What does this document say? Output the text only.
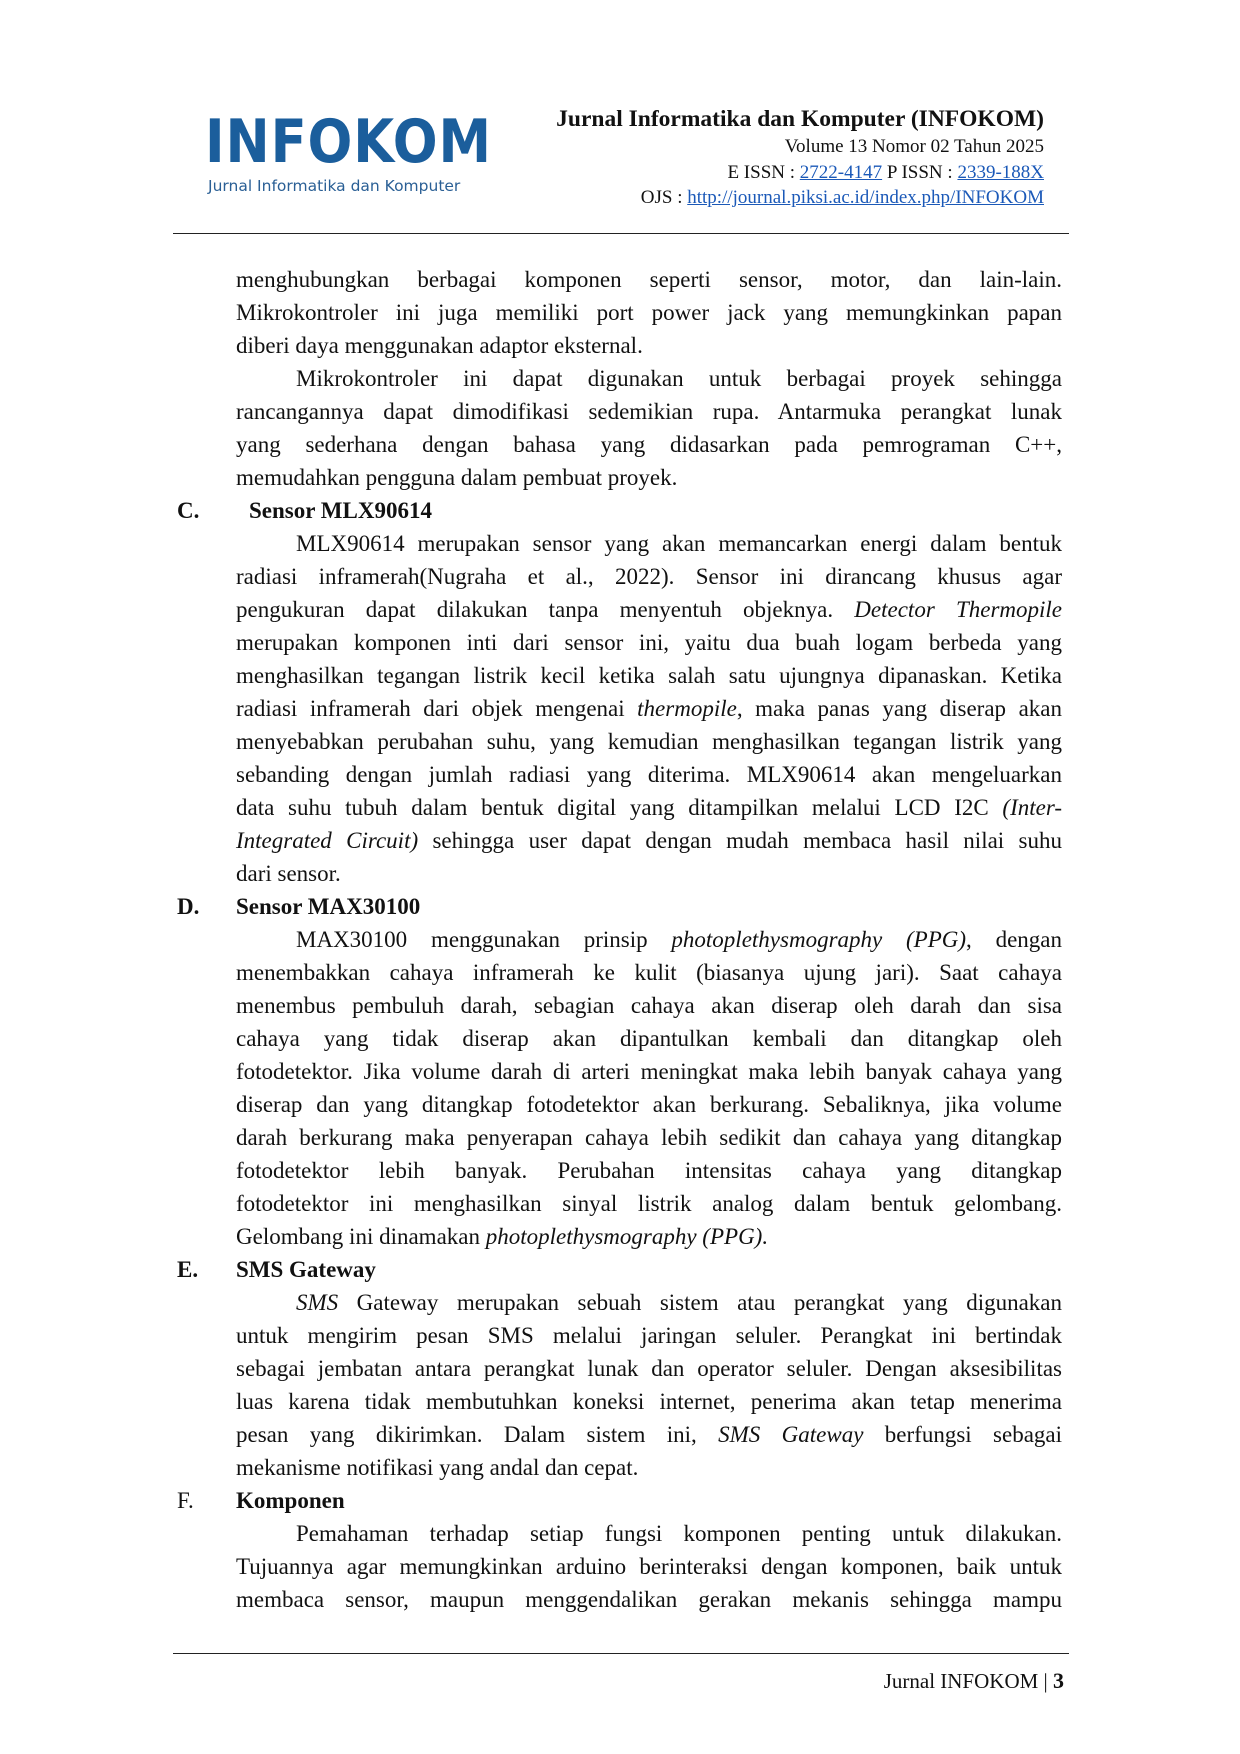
INFOKOM
Jurnal Informatika dan Komputer
Jurnal Informatika dan Komputer (INFOKOM)
Volume 13 Nomor 02 Tahun 2025
E ISSN : 2722-4147 P ISSN : 2339-188X
OJS : http://journal.piksi.ac.id/index.php/INFOKOM
menghubungkan berbagai komponen seperti sensor, motor, dan lain-lain.
Mikrokontroler ini juga memiliki port power jack yang memungkinkan papan
diberi daya menggunakan adaptor eksternal.
Mikrokontroler ini dapat digunakan untuk berbagai proyek sehingga
rancangannya dapat dimodifikasi sedemikian rupa. Antarmuka perangkat lunak
yang sederhana dengan bahasa yang didasarkan pada pemrograman C++,
memudahkan pengguna dalam pembuat proyek.
C. Sensor MLX90614
MLX90614 merupakan sensor yang akan memancarkan energi dalam bentuk
radiasi inframerah(Nugraha et al., 2022). Sensor ini dirancang khusus agar
pengukuran dapat dilakukan tanpa menyentuh objeknya. Detector Thermopile
merupakan komponen inti dari sensor ini, yaitu dua buah logam berbeda yang
menghasilkan tegangan listrik kecil ketika salah satu ujungnya dipanaskan. Ketika
radiasi inframerah dari objek mengenai thermopile, maka panas yang diserap akan
menyebabkan perubahan suhu, yang kemudian menghasilkan tegangan listrik yang
sebanding dengan jumlah radiasi yang diterima. MLX90614 akan mengeluarkan
data suhu tubuh dalam bentuk digital yang ditampilkan melalui LCD I2C (Inter-
Integrated Circuit) sehingga user dapat dengan mudah membaca hasil nilai suhu
dari sensor.
D. Sensor MAX30100
MAX30100 menggunakan prinsip photoplethysmography (PPG), dengan
menembakkan cahaya inframerah ke kulit (biasanya ujung jari). Saat cahaya
menembus pembuluh darah, sebagian cahaya akan diserap oleh darah dan sisa
cahaya yang tidak diserap akan dipantulkan kembali dan ditangkap oleh
fotodetektor. Jika volume darah di arteri meningkat maka lebih banyak cahaya yang
diserap dan yang ditangkap fotodetektor akan berkurang. Sebaliknya, jika volume
darah berkurang maka penyerapan cahaya lebih sedikit dan cahaya yang ditangkap
fotodetektor lebih banyak. Perubahan intensitas cahaya yang ditangkap
fotodetektor ini menghasilkan sinyal listrik analog dalam bentuk gelombang.
Gelombang ini dinamakan photoplethysmography (PPG).
E. SMS Gateway
SMS Gateway merupakan sebuah sistem atau perangkat yang digunakan
untuk mengirim pesan SMS melalui jaringan seluler. Perangkat ini bertindak
sebagai jembatan antara perangkat lunak dan operator seluler. Dengan aksesibilitas
luas karena tidak membutuhkan koneksi internet, penerima akan tetap menerima
pesan yang dikirimkan. Dalam sistem ini, SMS Gateway berfungsi sebagai
mekanisme notifikasi yang andal dan cepat.
F. Komponen
Pemahaman terhadap setiap fungsi komponen penting untuk dilakukan.
Tujuannya agar memungkinkan arduino berinteraksi dengan komponen, baik untuk
membaca sensor, maupun menggendalikan gerakan mekanis sehingga mampu
Jurnal INFOKOM | 3
